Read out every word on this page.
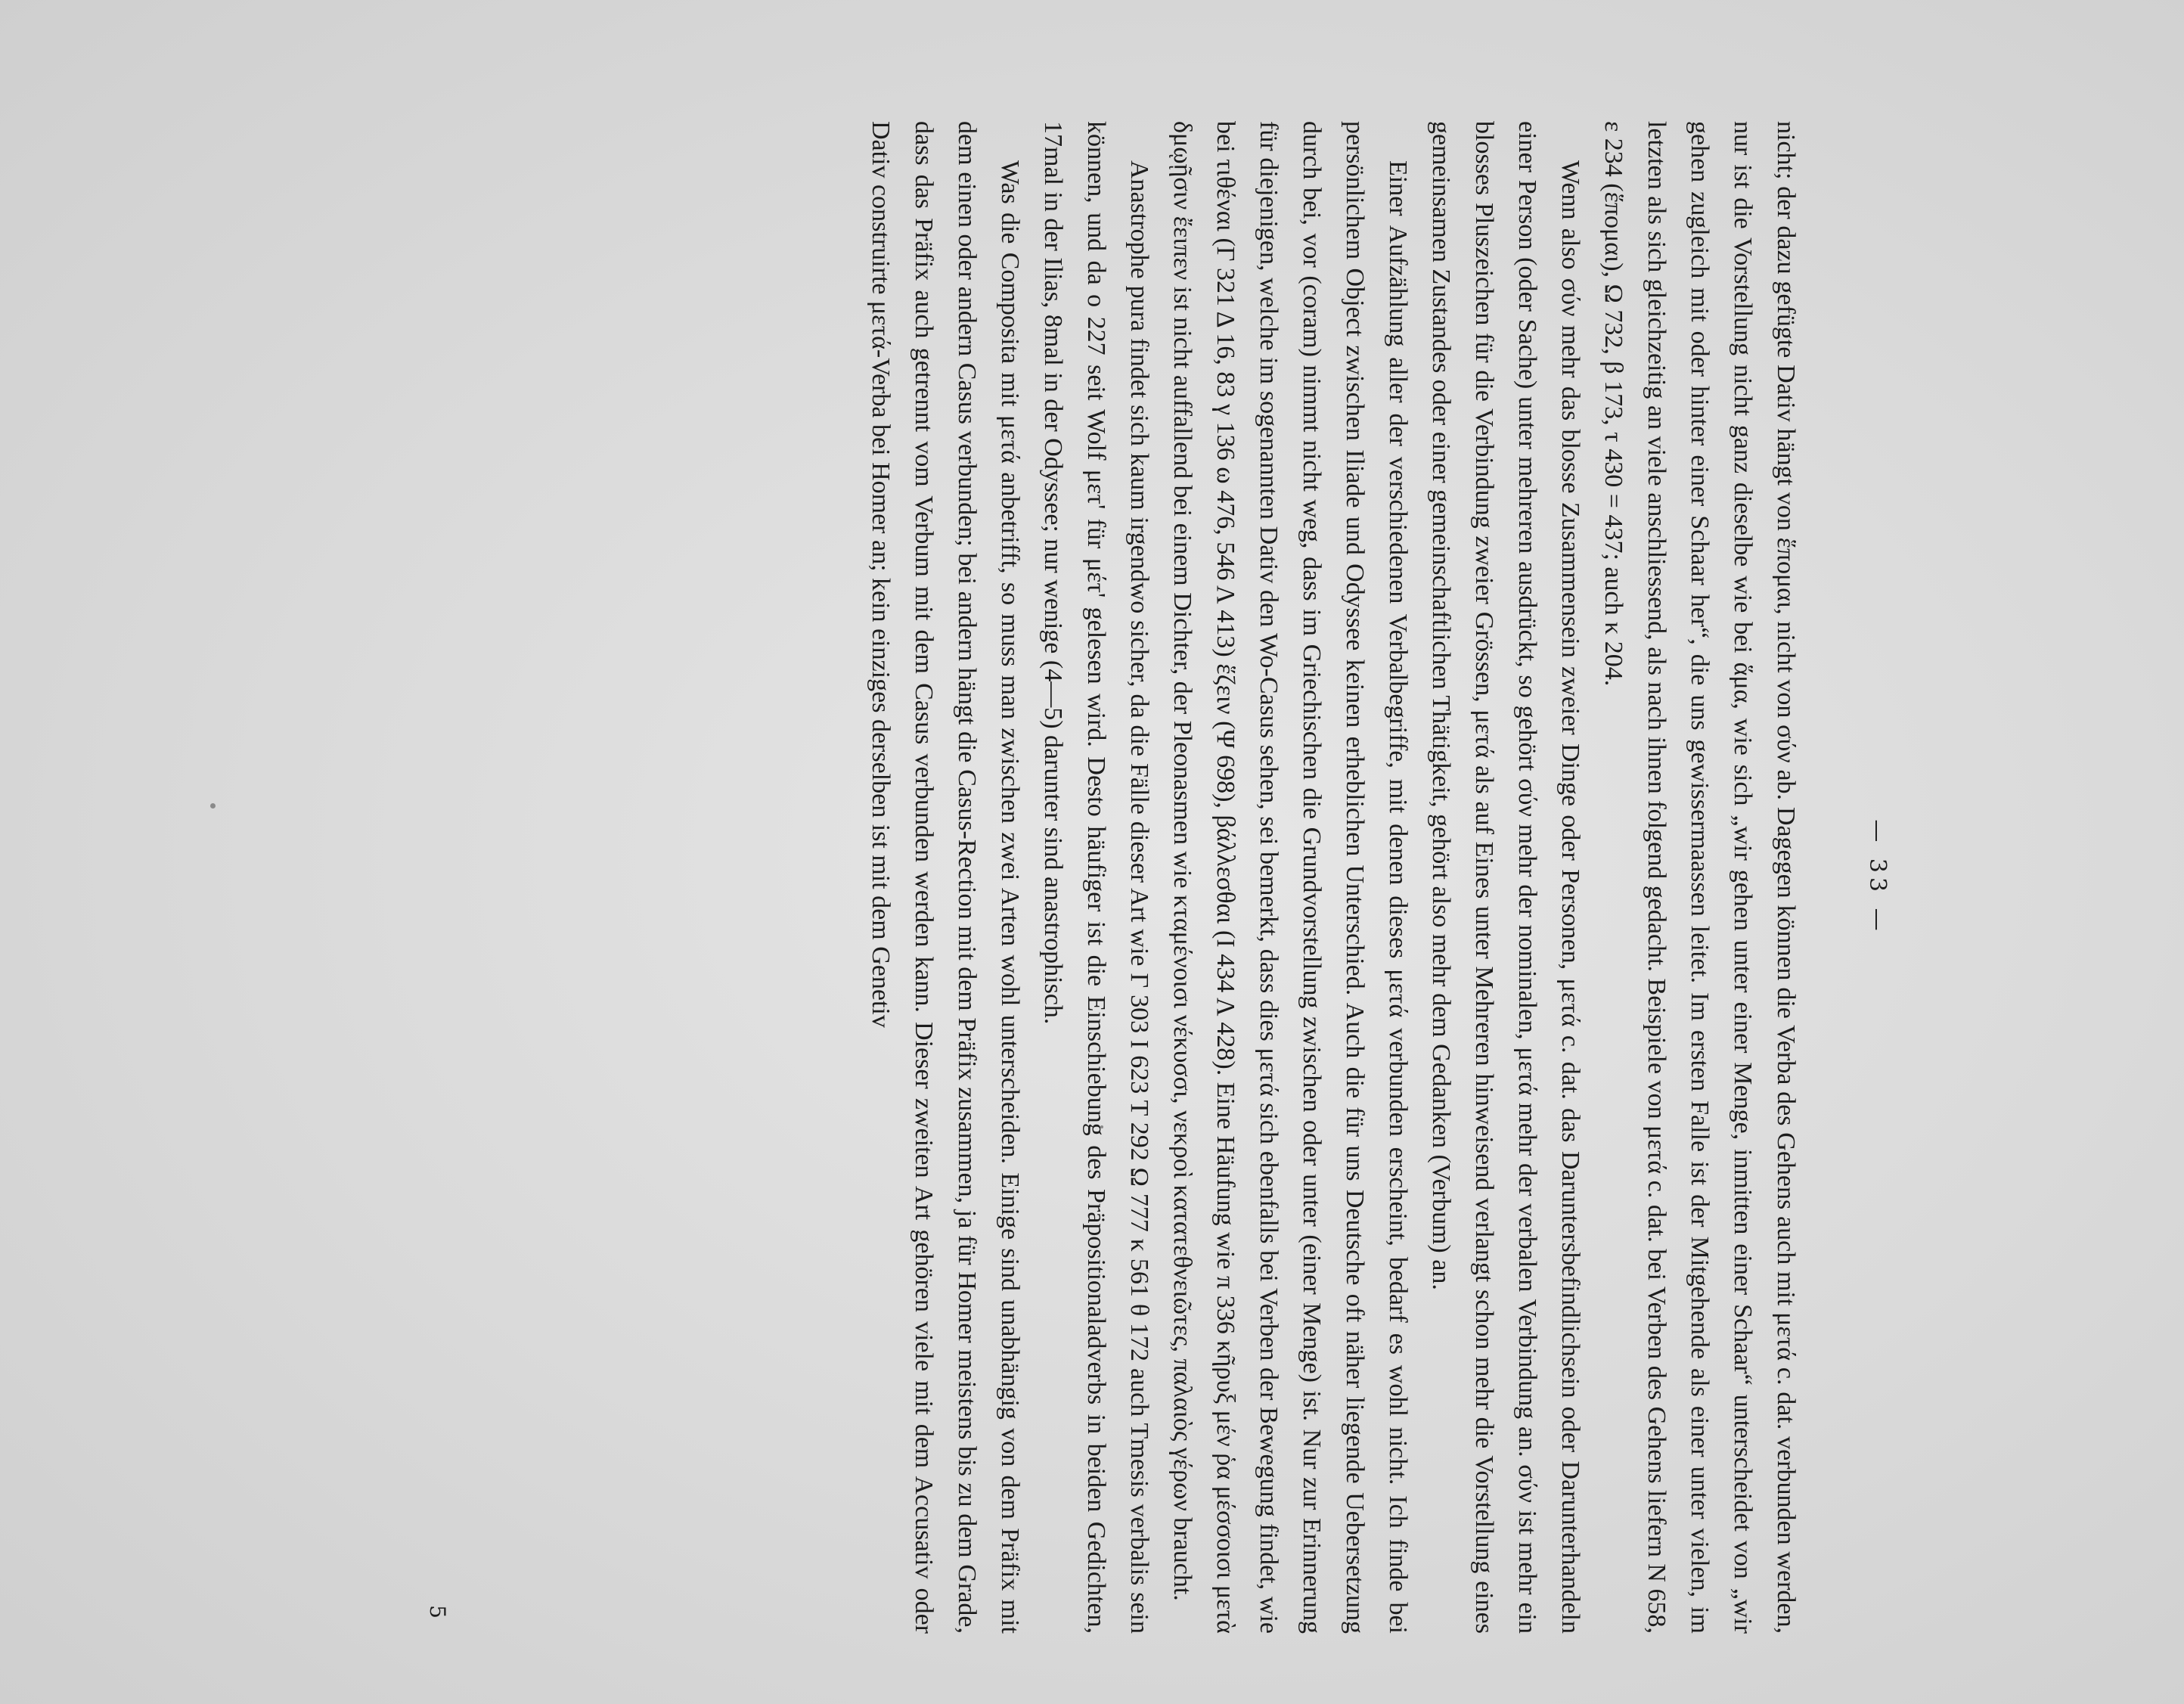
— 33 —

nicht; der dazu gefügte Dativ hängt von ἕπομαι, nicht von σύν ab. Dagegen können die Verba des Gehens auch mit μετά c. dat. verbunden werden, nur ist die Vorstellung nicht ganz dieselbe wie bei ἅμα, wie sich „wir gehen unter einer Menge, inmitten einer Schaar“ unterscheidet von „wir gehen zugleich mit oder hinter einer Schaar her“, die uns gewissermaassen leitet. Im ersten Falle ist der Mitgehende als einer unter vielen, im letzten als sich gleichzeitig an viele anschliessend, als nach ihnen folgend gedacht. Beispiele von μετά c. dat. bei Verben des Gehens liefern N 658, ε 234 (ἕπομαι), Ω 732, β 173, τ 430 = 437; auch κ 204.

Wenn also σύν mehr das blosse Zusammensein zweier Dinge oder Personen, μετά c. dat. das Daruntersbefindlichsein oder Darunterhandeln einer Person (oder Sache) unter mehreren ausdrückt, so gehört σύν mehr der nominalen, μετά mehr der verbalen Verbindung an. σύν ist mehr ein blosses Pluszeichen für die Verbindung zweier Grössen, μετά als auf Eines unter Mehreren hinweisend verlangt schon mehr die Vorstellung eines gemeinsamen Zustandes oder einer gemeinschaftlichen Thätigkeit, gehört also mehr dem Gedanken (Verbum) an.

Einer Aufzählung aller der verschiedenen Verbalbegriffe, mit denen dieses μετά verbunden erscheint, bedarf es wohl nicht. Ich finde bei persönlichem Object zwischen Iliade und Odyssee keinen erheblichen Unterschied. Auch die für uns Deutsche oft näher liegende Uebersetzung durch bei, vor (coram) nimmt nicht weg, dass im Griechischen die Grundvorstellung zwischen oder unter (einer Menge) ist. Nur zur Erinnerung für diejenigen, welche im sogenannten Dativ den Wo-Casus sehen, sei bemerkt, dass dies μετά sich ebenfalls bei Verben der Bewegung findet, wie bei τιθέναι (Γ 321 Δ 16, 83 γ 136 ω 476, 546 Λ 413) ἕζειν (Ψ 698), βάλλεσθαι (Ι 434 Λ 428). Eine Häufung wie π 336 κῆρυξ μέν ῥα μέσσοισι μετὰ δμῳῇσιν ἔειπεν ist nicht auffallend bei einem Dichter, der Pleonasmen wie κταμένοισι νέκυσσι, νεκροὶ κατατεθνειῶτες, παλαιὸς γέρων braucht.

Anastrophe pura findet sich kaum irgendwo sicher, da die Fälle dieser Art wie Γ 303 Ι 623 Τ 292 Ω 777 κ 561 θ 172 auch Tmesis verbalis sein können, und da ο 227 seit Wolf μετ' für μέτ' gelesen wird. Desto häufiger ist die Einschiebung des Präpositionaladverbs in beiden Gedichten, 17mal in der Ilias, 8mal in der Odyssee; nur wenige (4—5) darunter sind anastrophisch.

Was die Composita mit μετά anbetrifft, so muss man zwischen zwei Arten wohl unterscheiden. Einige sind unabhängig von dem Präfix mit dem einen oder andern Casus verbunden; bei andern hängt die Casus-Rection mit dem Präfix zusammen, ja für Homer meistens bis zu dem Grade, dass das Präfix auch getrennt vom Verbum mit dem Casus verbunden werden kann. Dieser zweiten Art gehören viele mit dem Accusativ oder Dativ construirte μετά-Verba bei Homer an; kein einziges derselben ist mit dem Genetiv

5
